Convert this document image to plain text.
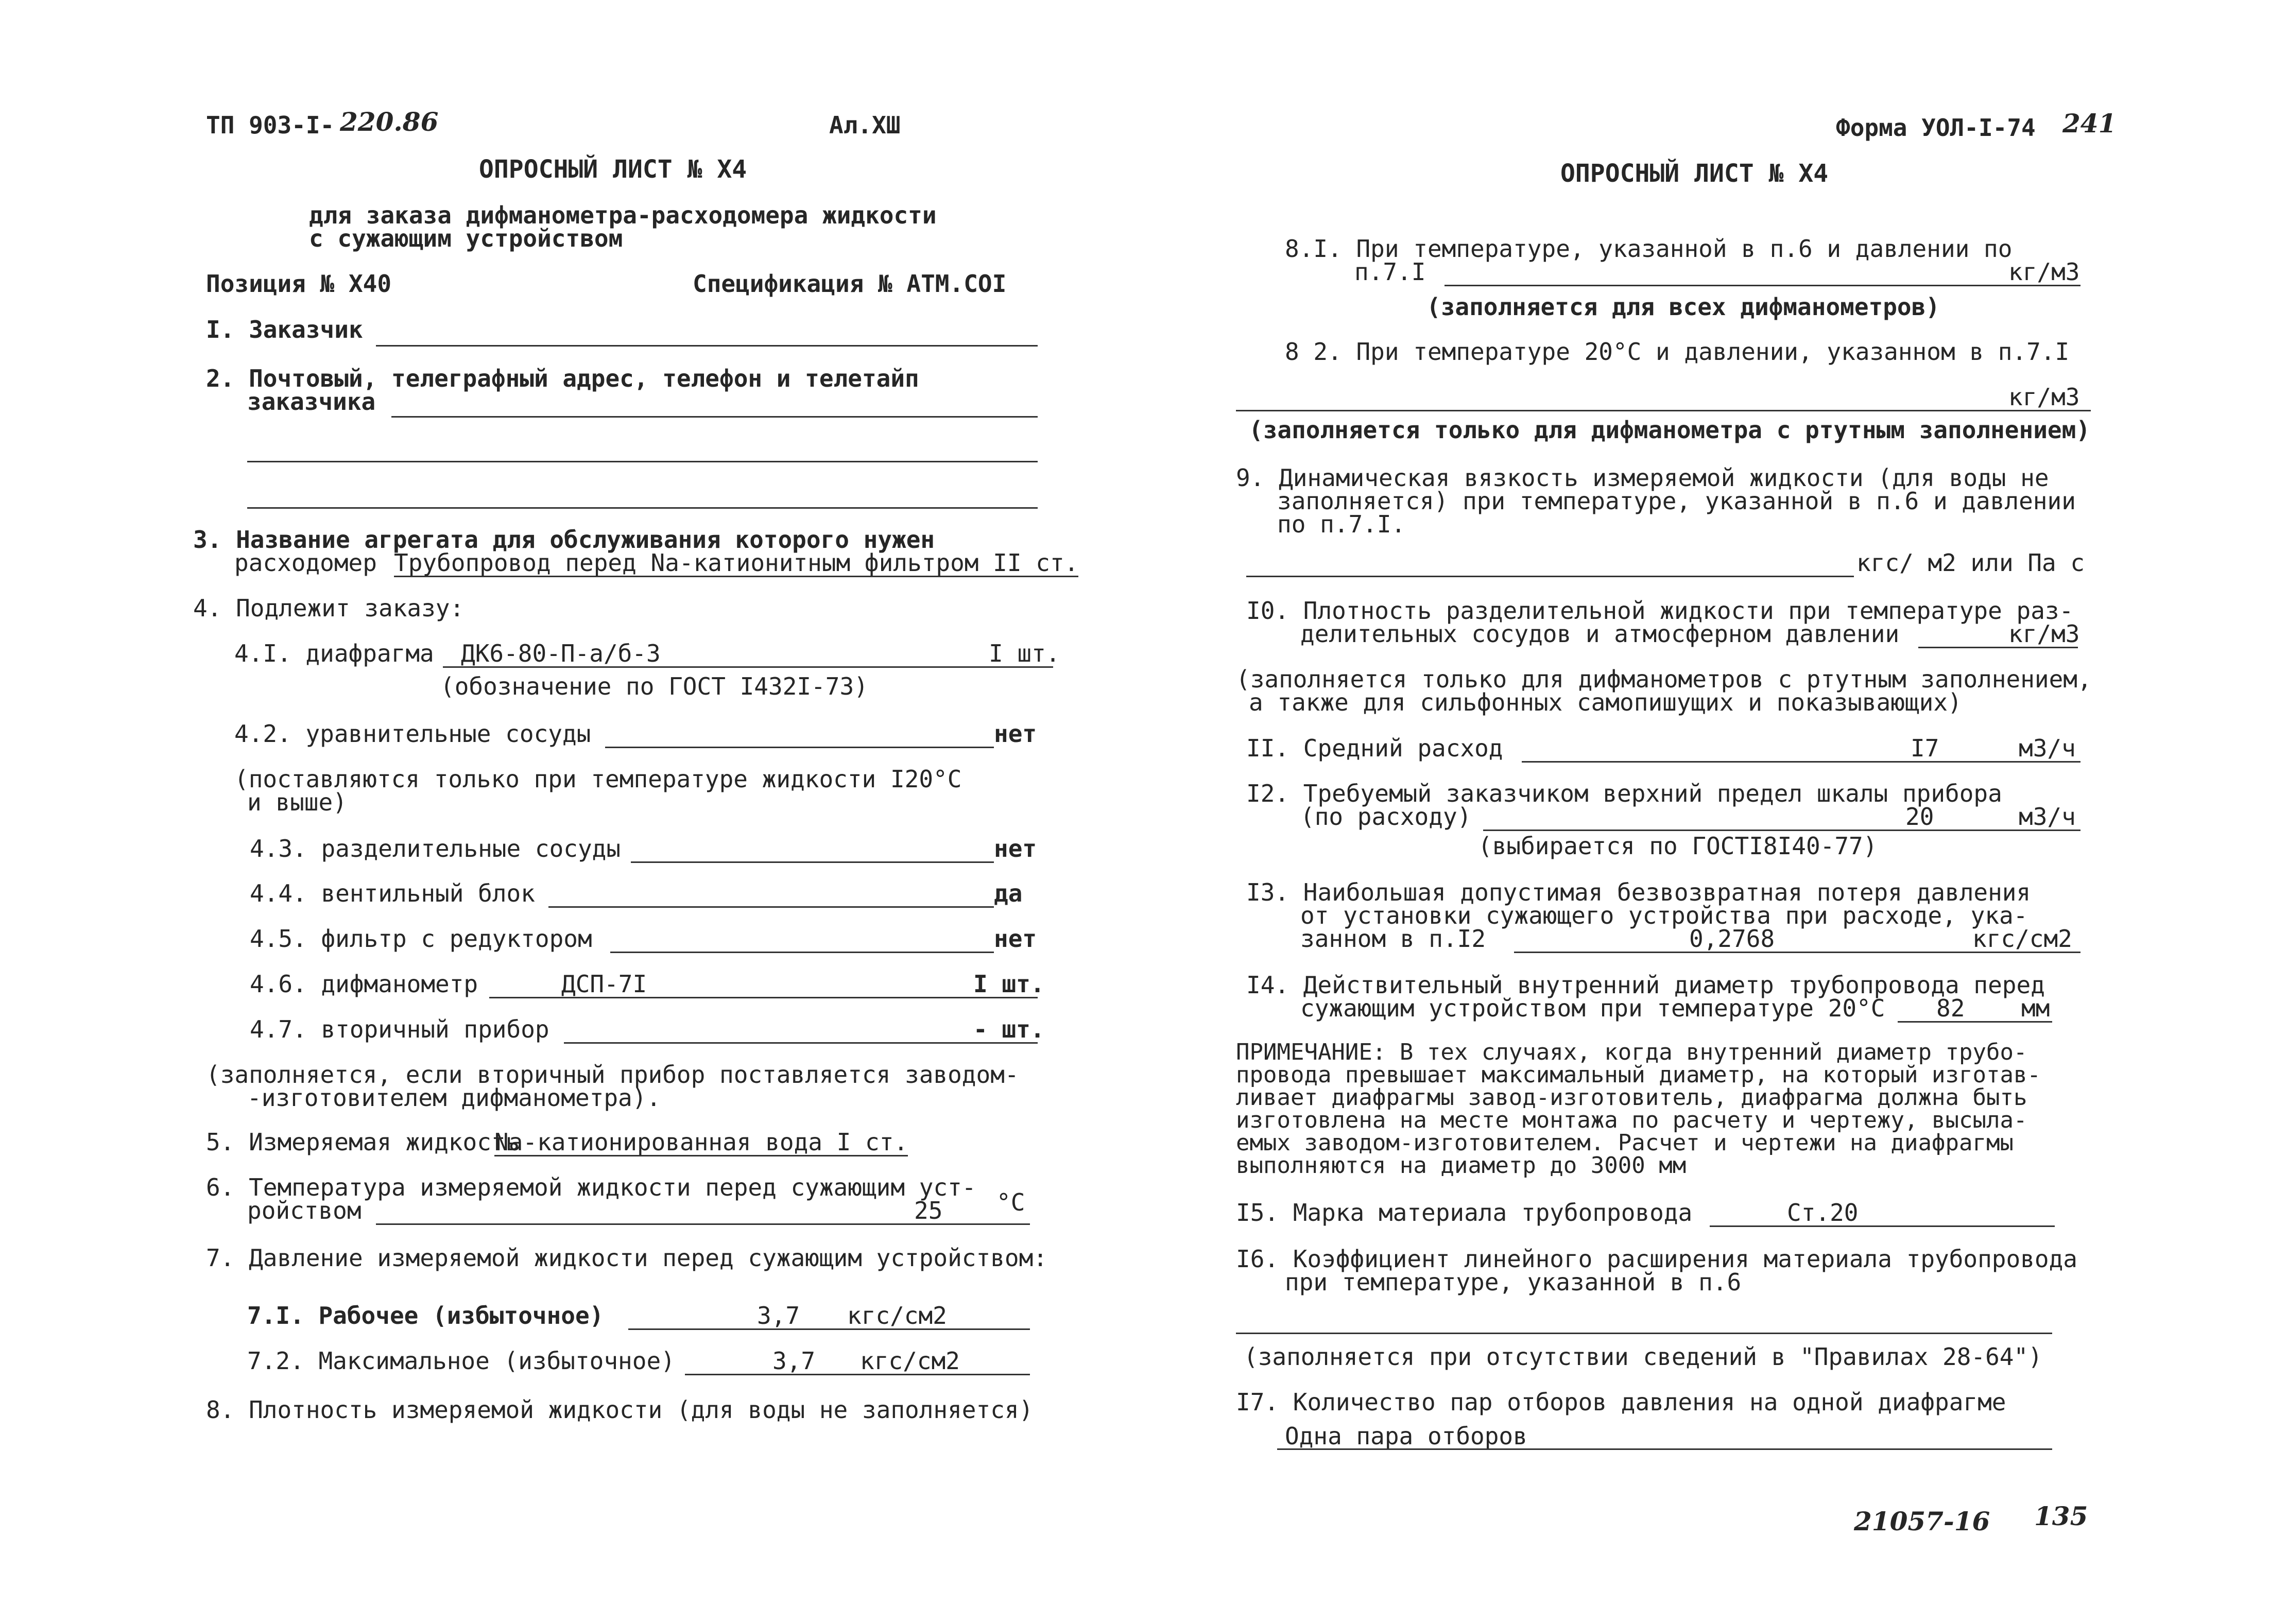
ТП 903-I- 220.86	Ал.ХШ
ОПРОСНЫЙ ЛИСТ № Х4
для заказа дифманометра-расходомера жидкости
с сужающим устройством
Позиция № Х40	Спецификация № АТМ.СОI
I. Заказчик
2. Почтовый, телеграфный адрес, телефон и телетайп
заказчика
3. Название агрегата для обслуживания которого нужен
расходомер Трубопровод перед Na-катионитным фильтром II ст.
4. Подлежит заказу:
4.I. диафрагма ДК6-80-П-а/б-3	I шт.
(обозначение по ГОСТ I432I-73)
4.2. уравнительные сосуды	нет
(поставляются только при температуре жидкости I20°С
и выше)
4.3. разделительные сосуды	нет
4.4. вентильный блок	да
4.5. фильтр с редуктором	нет
4.6. дифманометр	ДСП-7I	I шт.
4.7. вторичный прибор	- шт.
(заполняется, если вторичный прибор поставляется заводом-
-изготовителем дифманометра).
5. Измеряемая жидкость
Na-катионированная вода I ст.
6. Температура измеряемой жидкости перед сужающим уст-
ройством	25 °С
7. Давление измеряемой жидкости перед сужающим устройством:
7.I. Рабочее (избыточное)	3,7 кгс/см2
7.2. Максимальное (избыточное)	3,7 кгс/см2
8. Плотность измеряемой жидкости (для воды не заполняется)
Форма УОЛ-I-74 241
ОПРОСНЫЙ ЛИСТ № Х4
8.I. При температуре, указанной в п.6 и давлении по
п.7.I	кг/м3
(заполняется для всех дифманометров)
8 2. При температуре 20°С и давлении, указанном в п.7.I
кг/м3
(заполняется только для дифманометра с ртутным заполнением)
9. Динамическая вязкость измеряемой жидкости (для воды не
заполняется) при температуре, указанной в п.6 и давлении
по п.7.I.
кгс/ м2 или Па с
I0. Плотность разделительной жидкости при температуре раз-
делительных сосудов и атмосферном давлении	кг/м3
(заполняется только для дифманометров с ртутным заполнением,
а также для сильфонных самопишущих и показывающих)
II. Средний расход	I7	м3/ч
I2. Требуемый заказчиком верхний предел шкалы прибора
(по расходу)	20	м3/ч
(выбирается по ГОСТI8I40-77)
I3. Наибольшая допустимая безвозвратная потеря давления
от установки сужающего устройства при расходе, ука-
занном в п.I2	0,2768	кгс/см2
I4. Действительный внутренний диаметр трубопровода перед
сужающим устройством при температуре 20°С 82 мм
ПРИМЕЧАНИЕ: В тех случаях, когда внутренний диаметр трубо-
провода превышает максимальный диаметр, на который изготав-
ливает диафрагмы завод-изготовитель, диафрагма должна быть
изготовлена на месте монтажа по расчету и чертежу, высыла-
емых заводом-изготовителем. Расчет и чертежи на диафрагмы
выполняются на диаметр до 3000 мм
I5. Марка материала трубопровода	Ст.20
I6. Коэффициент линейного расширения материала трубопровода
при температуре, указанной в п.6
(заполняется при отсутствии сведений в "Правилах 28-64")
I7. Количество пар отборов давления на одной диафрагме
Одна пара отборов
21057-16 135
